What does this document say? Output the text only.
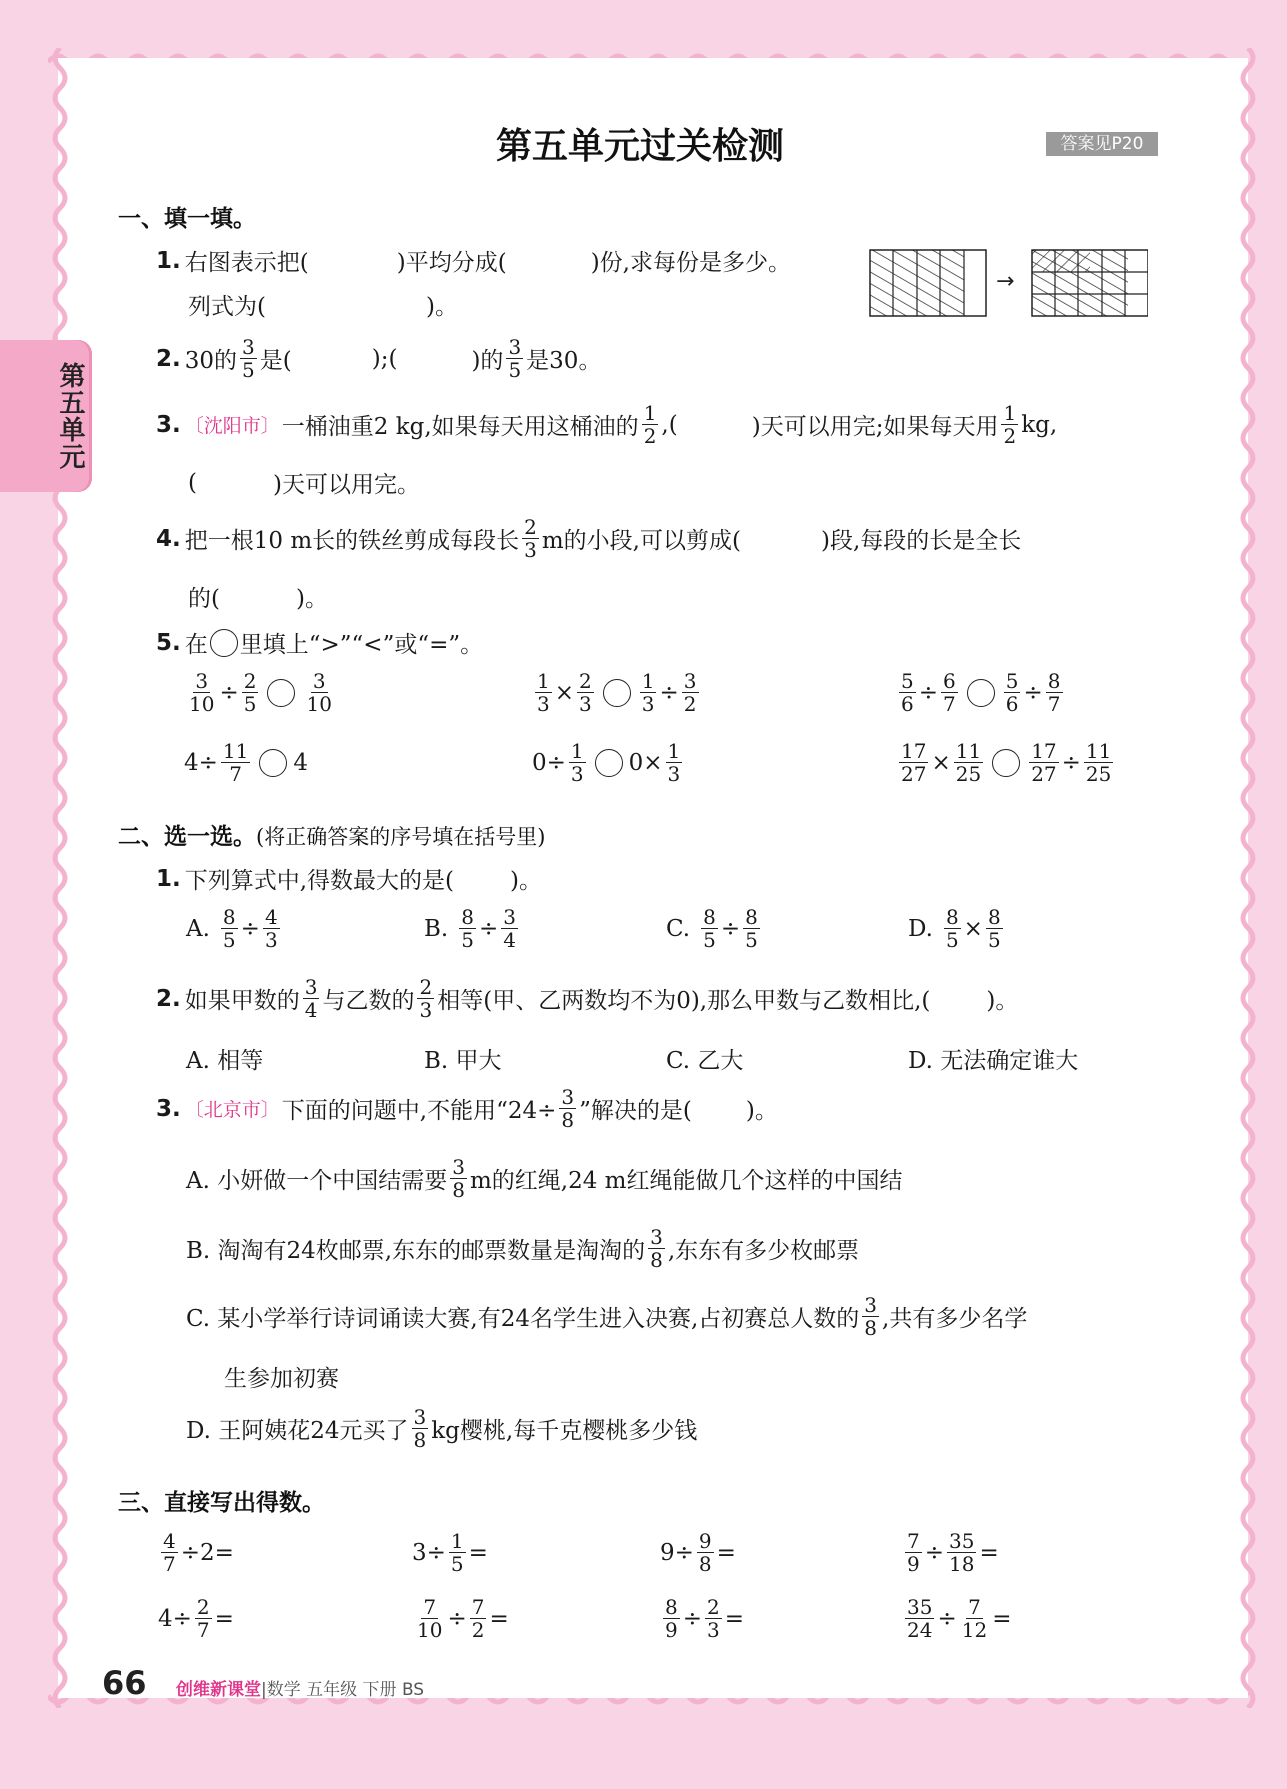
第五单元
第五单元过关检测	答案见P20
一、填一填。
1. 右图表示把(	)平均分成(	)份,求每份是多少。
列式为(	)。
→
2. 30的 $\frac{3}{5}$ 是(	);(	)的 $\frac{3}{5}$ 是30。
3. 〔沈阳市〕 一桶油重2 kg,如果每天用这桶油的 $\frac{1}{2}$ ,(	)天可以用完;如果每天用 $\frac{1}{2}$ kg,
(	)天可以用完。
4. 把一根10 m长的铁丝剪成每段长 $\frac{2}{3}$ m的小段,可以剪成(	)段,每段的长是全长
的(	)。
5. 在 里填上“>”“<”或“=”。
$\frac{3}{10} \div \frac{2}{5} \frac{3}{10}$	$\frac{1}{3} \times \frac{2}{3} \frac{1}{3} \div \frac{3}{2}$	$\frac{5}{6} \div \frac{6}{7} \frac{5}{6} \div \frac{8}{7}$
$4\div \frac{11}{7} 4$	$0\div \frac{1}{3} 0\times \frac{1}{3}$	$\frac{17}{27} \times \frac{11}{25} \frac{17}{27} \div \frac{11}{25}$
二、选一选。(将正确答案的序号填在括号里)
1. 下列算式中,得数最大的是( )。
A. $\frac{8}{5} \div \frac{4}{3}$	B. $\frac{8}{5} \div \frac{3}{4}$	C. $\frac{8}{5} \div \frac{8}{5}$	D. $\frac{8}{5} \times \frac{8}{5}$
2. 如果甲数的 $\frac{3}{4}$ 与乙数的 $\frac{2}{3}$ 相等(甲、乙两数均不为0),那么甲数与乙数相比,( )。
A. 相等	B. 甲大	C. 乙大	D. 无法确定谁大
3. 〔北京市〕 下面的问题中,不能用“$24\div \frac{3}{8}$ ”解决的是( )。
A. 小妍做一个中国结需要 $\frac{3}{8}$ m的红绳,24 m红绳能做几个这样的中国结
B. 淘淘有24枚邮票,东东的邮票数量是淘淘的 $\frac{3}{8}$ ,东东有多少枚邮票
C. 某小学举行诗词诵读大赛,有24名学生进入决赛,占初赛总人数的 $\frac{3}{8}$ ,共有多少名学
生参加初赛
D. 王阿姨花24元买了 $\frac{3}{8}$ kg樱桃,每千克樱桃多少钱
三、直接写出得数。
$\frac{4}{7} \div 2=$	$3\div \frac{1}{5}$ =	$9\div \frac{9}{8}$ =	$\frac{7}{9} \div \frac{35}{18}$ =
$4\div \frac{2}{7}$ =	$\frac{7}{10} \div \frac{7}{2}$ =	$\frac{8}{9} \div \frac{2}{3}$ =	$\frac{35}{24} \div \frac{7}{12}$ =
66 创维新课堂|数学 五年级 下册 BS
